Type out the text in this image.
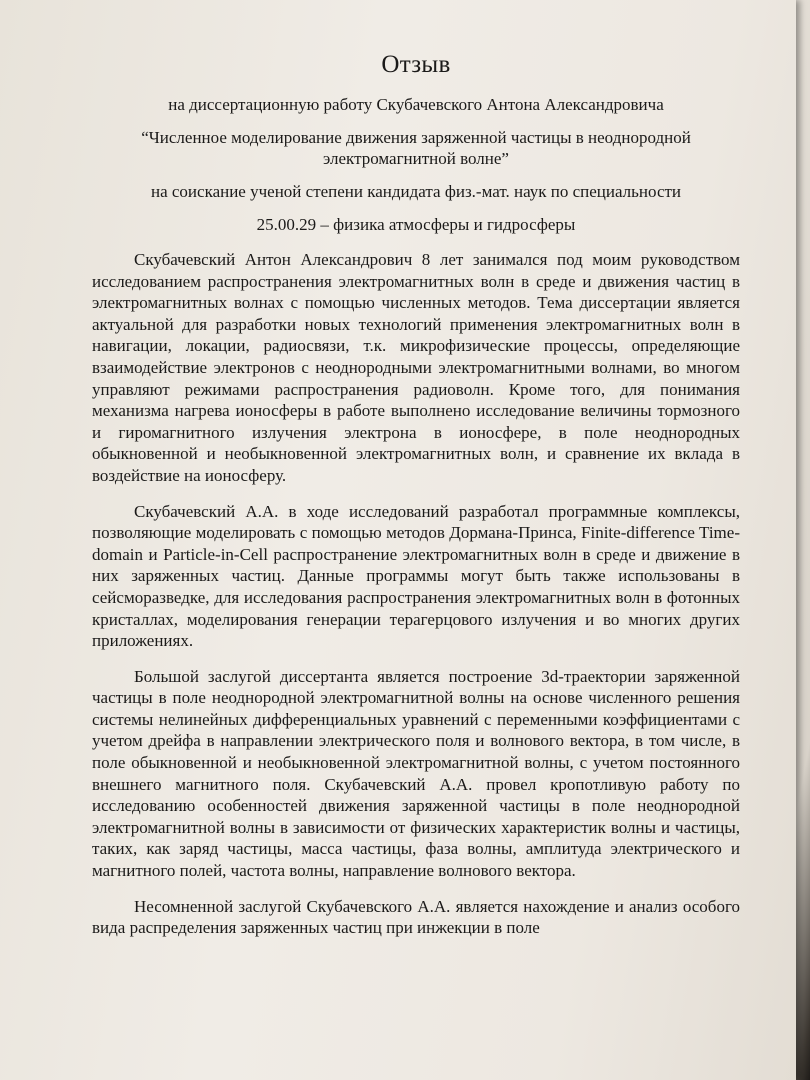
Отзыв

на диссертационную работу Скубачевского Антона Александровича

“Численное моделирование движения заряженной частицы в неоднородной электромагнитной волне”

на соискание ученой степени кандидата физ.-мат. наук по специальности

25.00.29 – физика атмосферы и гидросферы

Скубачевский Антон Александрович 8 лет занимался под моим руководством исследованием распространения электромагнитных волн в среде и движения частиц в электромагнитных волнах с помощью численных методов. Тема диссертации является актуальной для разработки новых технологий применения электромагнитных волн в навигации, локации, радиосвязи, т.к. микрофизические процессы, определяющие взаимодействие электронов с неоднородными электромагнитными волнами, во многом управляют режимами распространения радиоволн. Кроме того, для понимания механизма нагрева ионосферы в работе выполнено исследование величины тормозного и гиромагнитного излучения электрона в ионосфере, в поле неоднородных обыкновенной и необыкновенной электромагнитных волн, и сравнение их вклада в воздействие на ионосферу.

Скубачевский А.А. в ходе исследований разработал программные комплексы, позволяющие моделировать с помощью методов Дормана-Принса, Finite-difference Time-domain и Particle-in-Cell распространение электромагнитных волн в среде и движение в них заряженных частиц. Данные программы могут быть также использованы в сейсморазведке, для исследования распространения электромагнитных волн в фотонных кристаллах, моделирования генерации терагерцового излучения и во многих других приложениях.

Большой заслугой диссертанта является построение 3d-траектории заряженной частицы в поле неоднородной электромагнитной волны на основе численного решения системы нелинейных дифференциальных уравнений с переменными коэффициентами с учетом дрейфа в направлении электрического поля и волнового вектора, в том числе, в поле обыкновенной и необыкновенной электромагнитной волны, с учетом постоянного внешнего магнитного поля. Скубачевский А.А. провел кропотливую работу по исследованию особенностей движения заряженной частицы в поле неоднородной электромагнитной волны в зависимости от физических характеристик волны и частицы, таких, как заряд частицы, масса частицы, фаза волны, амплитуда электрического и магнитного полей, частота волны, направление волнового вектора.

Несомненной заслугой Скубачевского А.А. является нахождение и анализ особого вида распределения заряженных частиц при инжекции в поле
